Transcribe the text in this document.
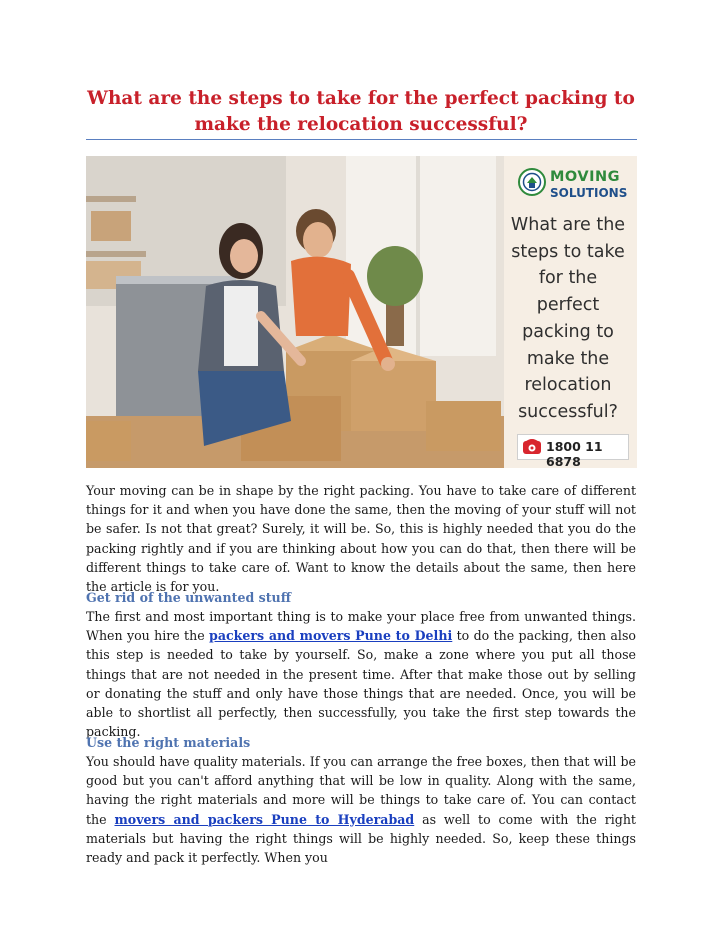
What are the steps to take for the perfect packing to make the relocation successful?
MOVING
SOLUTIONS
What are the steps to take for the perfect packing to make the relocation successful?
1800 11 6878

Your moving can be in shape by the right packing. You have to take care of different things for it and when you have done the same, then the moving of your stuff will not be safer. Is not that great? Surely, it will be. So, this is highly needed that you do the packing rightly and if you are thinking about how you can do that, then there will be different things to take care of. Want to know the details about the same, then here the article is for you.

Get rid of the unwanted stuff

The first and most important thing is to make your place free from unwanted things. When you hire the packers and movers Pune to Delhi to do the packing, then also this step is needed to take by yourself. So, make a zone where you put all those things that are not needed in the present time. After that make those out by selling or donating the stuff and only have those things that are needed. Once, you will be able to shortlist all perfectly, then successfully, you take the first step towards the packing.

Use the right materials

You should have quality materials. If you can arrange the free boxes, then that will be good but you can't afford anything that will be low in quality. Along with the same, having the right materials and more will be things to take care of. You can contact the movers and packers Pune to Hyderabad as well to come with the right materials but having the right things will be highly needed. So, keep these things ready and pack it perfectly. When you
